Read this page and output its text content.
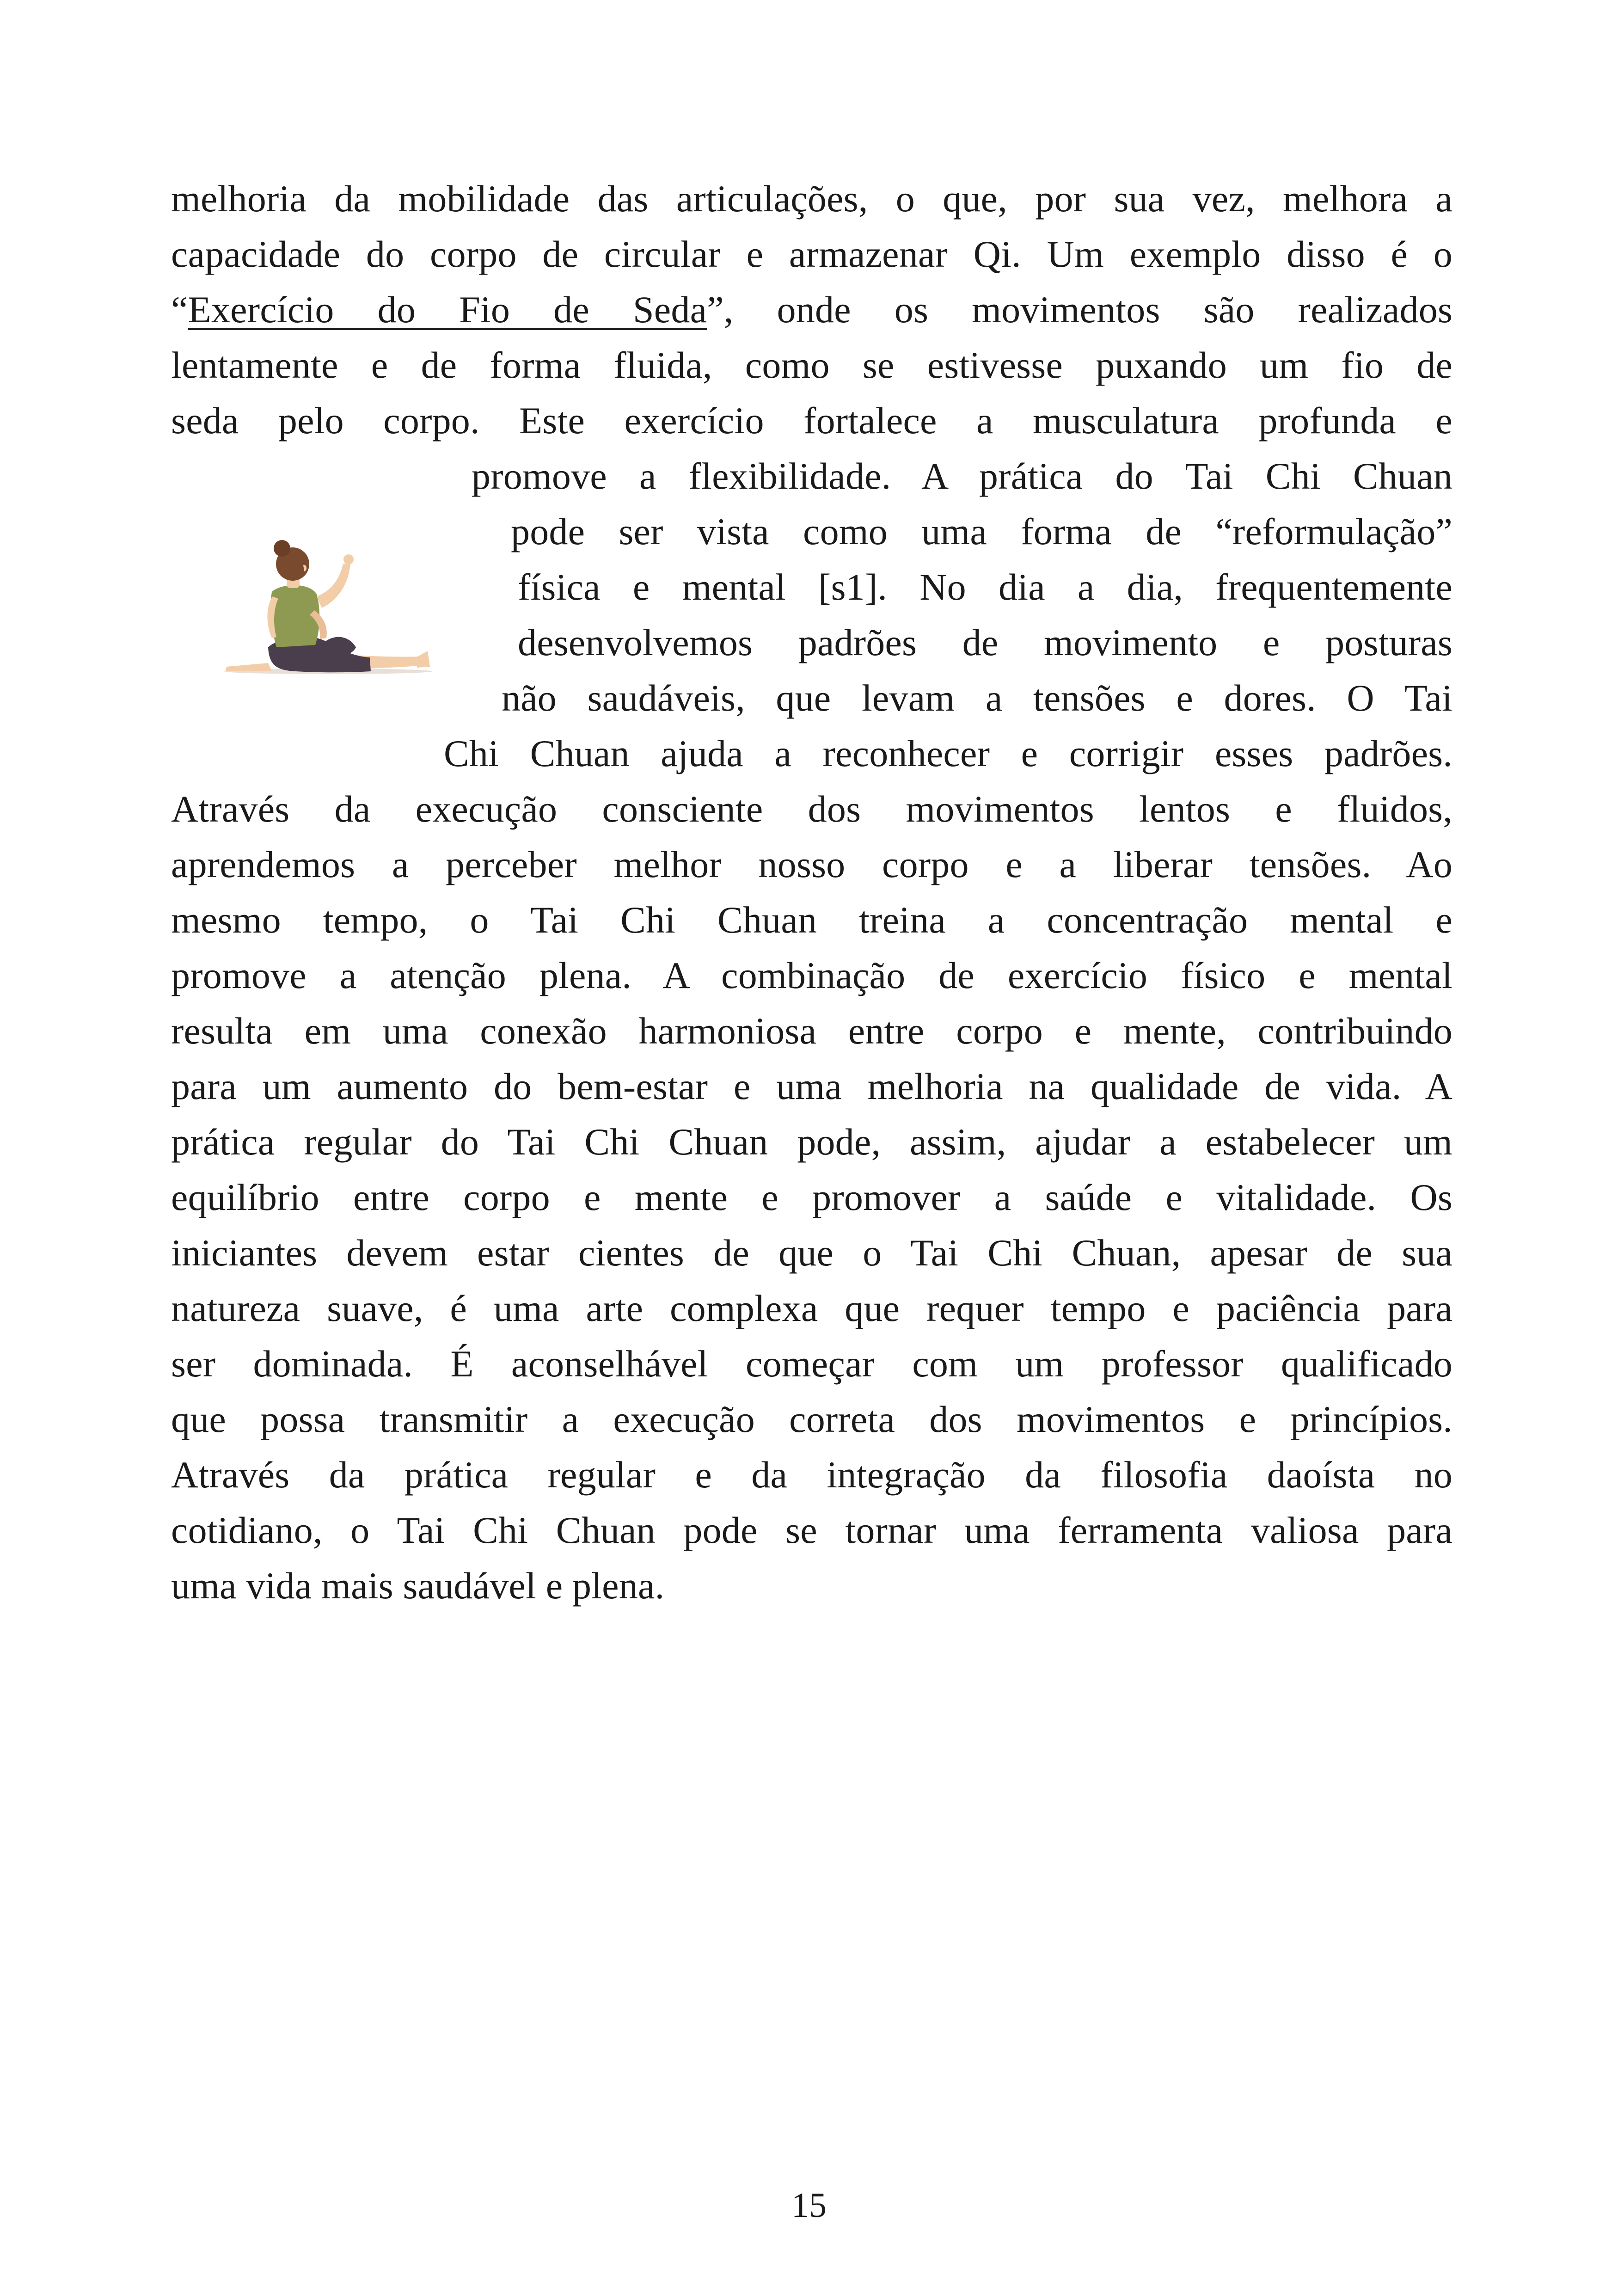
melhoria da mobilidade das articulações, o que, por sua vez, melhora a
capacidade do corpo de circular e armazenar Qi. Um exemplo disso é o
“Exercício do Fio de Seda”, onde os movimentos são realizados
lentamente e de forma fluida, como se estivesse puxando um fio de
seda pelo corpo. Este exercício fortalece a musculatura profunda e
promove a flexibilidade. A prática do Tai Chi Chuan
pode ser vista como uma forma de “reformulação”
física e mental [s1]. No dia a dia, frequentemente
desenvolvemos padrões de movimento e posturas
não saudáveis, que levam a tensões e dores. O Tai
Chi Chuan ajuda a reconhecer e corrigir esses padrões.
Através da execução consciente dos movimentos lentos e fluidos,
aprendemos a perceber melhor nosso corpo e a liberar tensões. Ao
mesmo tempo, o Tai Chi Chuan treina a concentração mental e
promove a atenção plena. A combinação de exercício físico e mental
resulta em uma conexão harmoniosa entre corpo e mente, contribuindo
para um aumento do bem-estar e uma melhoria na qualidade de vida. A
prática regular do Tai Chi Chuan pode, assim, ajudar a estabelecer um
equilíbrio entre corpo e mente e promover a saúde e vitalidade. Os
iniciantes devem estar cientes de que o Tai Chi Chuan, apesar de sua
natureza suave, é uma arte complexa que requer tempo e paciência para
ser dominada. É aconselhável começar com um professor qualificado
que possa transmitir a execução correta dos movimentos e princípios.
Através da prática regular e da integração da filosofia daoísta no
cotidiano, o Tai Chi Chuan pode se tornar uma ferramenta valiosa para
uma vida mais saudável e plena.
15
